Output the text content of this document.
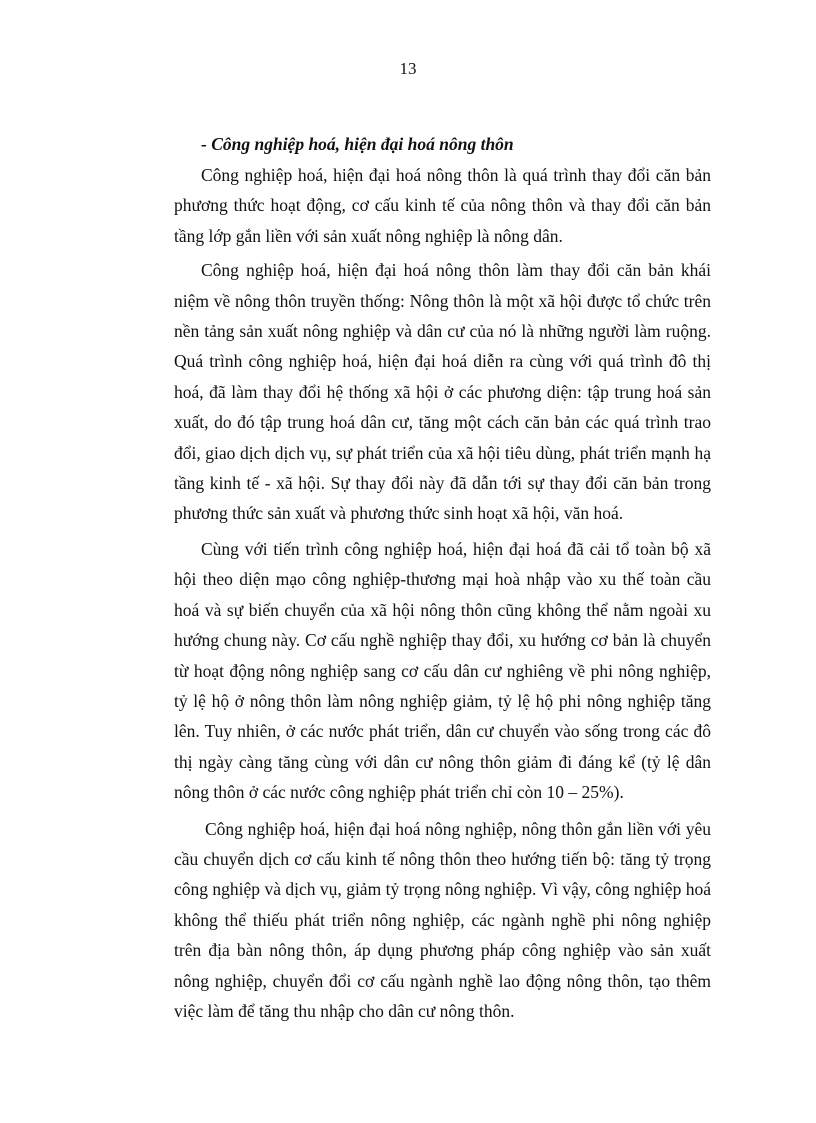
13

- Công nghiệp hoá, hiện đại hoá nông thôn

Công nghiệp hoá, hiện đại hoá nông thôn là quá trình thay đổi căn bản phương thức hoạt động, cơ cấu kinh tế của nông thôn và thay đổi căn bản tầng lớp gắn liền với sản xuất nông nghiệp là nông dân.

Công nghiệp hoá, hiện đại hoá nông thôn làm thay đổi căn bản khái niệm về nông thôn truyền thống: Nông thôn là một xã hội được tổ chức trên nền tảng sản xuất nông nghiệp và dân cư của nó là những người làm ruộng. Quá trình công nghiệp hoá, hiện đại hoá diễn ra cùng với quá trình đô thị hoá, đã làm thay đổi hệ thống xã hội ở các phương diện: tập trung hoá sản xuất, do đó tập trung hoá dân cư, tăng một cách căn bản các quá trình trao đổi, giao dịch dịch vụ, sự phát triển của xã hội tiêu dùng, phát triển mạnh hạ tầng kinh tế - xã hội. Sự thay đổi này đã dẫn tới sự thay đổi căn bản trong phương thức sản xuất và phương thức sinh hoạt xã hội, văn hoá.

Cùng với tiến trình công nghiệp hoá, hiện đại hoá đã cải tổ toàn bộ xã hội theo diện mạo công nghiệp-thương mại hoà nhập vào xu thế toàn cầu hoá và sự biến chuyển của xã hội nông thôn cũng không thể nằm ngoài xu hướng chung này. Cơ cấu nghề nghiệp thay đổi, xu hướng cơ bản là chuyển từ hoạt động nông nghiệp sang cơ cấu dân cư nghiêng về phi nông nghiệp, tỷ lệ hộ ở nông thôn làm nông nghiệp giảm, tỷ lệ hộ phi nông nghiệp tăng lên. Tuy nhiên, ở các nước phát triển, dân cư chuyển vào sống trong các đô thị ngày càng tăng cùng với dân cư nông thôn giảm đi đáng kể (tỷ lệ dân nông thôn ở các nước công nghiệp phát triển chỉ còn 10 – 25%).

Công nghiệp hoá, hiện đại hoá nông nghiệp, nông thôn gắn liền với yêu cầu chuyển dịch cơ cấu kinh tế nông thôn theo hướng tiến bộ: tăng tỷ trọng công nghiệp và dịch vụ, giảm tỷ trọng nông nghiệp. Vì vậy, công nghiệp hoá không thể thiếu phát triển nông nghiệp, các ngành nghề phi nông nghiệp trên địa bàn nông thôn, áp dụng phương pháp công nghiệp vào sản xuất nông nghiệp, chuyển đổi cơ cấu ngành nghề lao động nông thôn, tạo thêm việc làm để tăng thu nhập cho dân cư nông thôn.
